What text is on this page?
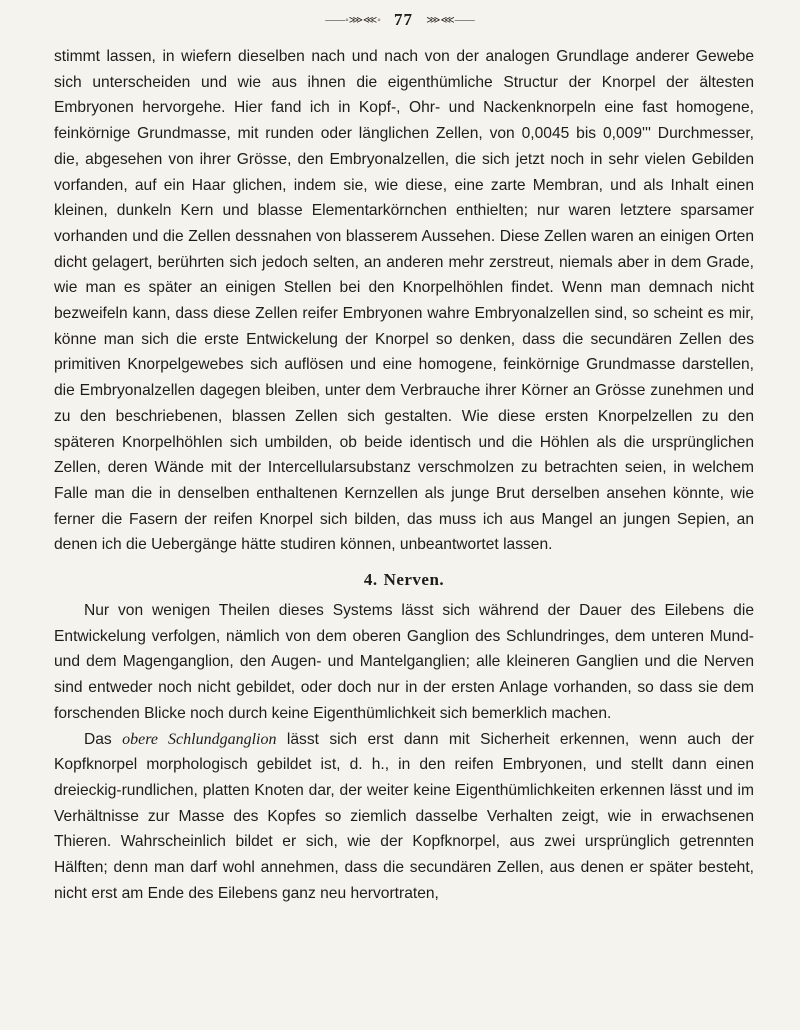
——◦⋙⋘◦ 77 ⋙⋘——

stimmt lassen, in wiefern dieselben nach und nach von der analogen Grundlage anderer Gewebe sich unterscheiden und wie aus ihnen die eigenthümliche Structur der Knorpel der ältesten Embryonen hervorgehe. Hier fand ich in Kopf-, Ohr- und Nackenknorpeln eine fast homogene, feinkörnige Grundmasse, mit runden oder länglichen Zellen, von 0,0045 bis 0,009''' Durchmesser, die, abgesehen von ihrer Grösse, den Embryonalzellen, die sich jetzt noch in sehr vielen Gebilden vorfanden, auf ein Haar glichen, indem sie, wie diese, eine zarte Membran, und als Inhalt einen kleinen, dunkeln Kern und blasse Elementarkörnchen enthielten; nur waren letztere sparsamer vorhanden und die Zellen dessnahen von blasserem Aussehen. Diese Zellen waren an einigen Orten dicht gelagert, berührten sich jedoch selten, an anderen mehr zerstreut, niemals aber in dem Grade, wie man es später an einigen Stellen bei den Knorpelhöhlen findet. Wenn man demnach nicht bezweifeln kann, dass diese Zellen reifer Embryonen wahre Embryonalzellen sind, so scheint es mir, könne man sich die erste Entwickelung der Knorpel so denken, dass die secundären Zellen des primitiven Knorpelgewebes sich auflösen und eine homogene, feinkörnige Grundmasse darstellen, die Embryonalzellen dagegen bleiben, unter dem Verbrauche ihrer Körner an Grösse zunehmen und zu den beschriebenen, blassen Zellen sich gestalten. Wie diese ersten Knorpelzellen zu den späteren Knorpelhöhlen sich umbilden, ob beide identisch und die Höhlen als die ursprünglichen Zellen, deren Wände mit der Intercellularsubstanz verschmolzen zu betrachten seien, in welchem Falle man die in denselben enthaltenen Kernzellen als junge Brut derselben ansehen könnte, wie ferner die Fasern der reifen Knorpel sich bilden, das muss ich aus Mangel an jungen Sepien, an denen ich die Uebergänge hätte studiren können, unbeantwortet lassen.

4. Nerven.

Nur von wenigen Theilen dieses Systems lässt sich während der Dauer des Eilebens die Entwickelung verfolgen, nämlich von dem oberen Ganglion des Schlundringes, dem unteren Mund- und dem Magenganglion, den Augen- und Mantelganglien; alle kleineren Ganglien und die Nerven sind entweder noch nicht gebildet, oder doch nur in der ersten Anlage vorhanden, so dass sie dem forschenden Blicke noch durch keine Eigenthümlichkeit sich bemerklich machen.

Das obere Schlundganglion lässt sich erst dann mit Sicherheit erkennen, wenn auch der Kopfknorpel morphologisch gebildet ist, d. h., in den reifen Embryonen, und stellt dann einen dreieckig-rundlichen, platten Knoten dar, der weiter keine Eigenthümlichkeiten erkennen lässt und im Verhältnisse zur Masse des Kopfes so ziemlich dasselbe Verhalten zeigt, wie in erwachsenen Thieren. Wahrscheinlich bildet er sich, wie der Kopfknorpel, aus zwei ursprünglich getrennten Hälften; denn man darf wohl annehmen, dass die secundären Zellen, aus denen er später besteht, nicht erst am Ende des Eilebens ganz neu hervortraten,
